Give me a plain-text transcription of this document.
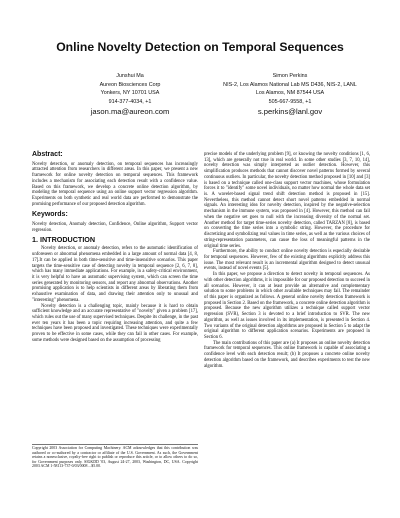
Online Novelty Detection on Temporal Sequences
Junshui Ma
Aureon Biosciences Corp
Yonkers, NY 10701 USA
914-377-4034, +1
jason.ma@aureon.com
Simon Perkins
NIS-2, Los Alamos National Lab MS D436, NIS-2, LANL
Los Alamos, NM 87544 USA
505-667-9558, +1
s.perkins@lanl.gov
Abstract:

Novelty detection, or anomaly detection, on temporal sequences has increasingly attracted attention from researchers in different areas. In this paper, we present a new framework for online novelty detection on temporal sequences. This framework includes a mechanism for associating each detection result with a confidence value. Based on this framework, we develop a concrete online detection algorithm, by modeling the temporal sequence using an online support vector regression algorithm. Experiments on both synthetic and real world data are performed to demonstrate the promising performance of our proposed detection algorithm.

Keywords:

Novelty detection, Anomaly detection, Confidence, Online algorithm, Support vector regression.

1. INTRODUCTION

Novelty detection, or anomaly detection, refers to the automatic identification of unforeseen or abnormal phenomena embedded in a large amount of normal data [4, 8, 17].It can be applied in both time-sensitive and time-insensitive scenarios. This paper targets the time-sensitive case of detecting novelty in temporal sequence [2, 6, 7, 8], which has many immediate applications. For example, in a safety-critical environment, it is very helpful to have an automatic supervising system, which can screen the time series generated by monitoring sensors, and report any abnormal observations. Another promising application is to help scientists in different areas by liberating them from exhaustive examination of data, and drawing their attention only to unusual and "interesting" phenomena.

Novelty detection is a challenging topic, mainly because it is hard to obtain sufficient knowledge and an accurate representative of "novelty" given a problem [17], which rules out the use of many supervised techniques. Despite its challenge, in the past ever ten years it has been a topic requiring increasing attention, and quite a few techniques have been proposed and investigated. These techniques were experimentally proven to be effective in some cases, while they can fail in other cases. For example, some methods were designed based on the assumption of processing

Copyright 2003 Association for Computing Machinery. ACM acknowledges that this contribution was authored or co-authored by a contractor or affiliate of the U.S. Government. As such, the Government retains a nonexclusive, royalty-free right to publish or reproduce this article, or to allow others to do so, for Government purposes only. SIGKDD '03, August 24-27, 2003, Washington, DC, USA. Copyright 2003 ACM 1-58113-737-0/03/0008 ...$5.00.

precise models of the underlying problem [9], or knowing the novelty conditions [1, 6, 13], which are generally not true in real world. In some other studies [3, 7, 10, 14], novelty detection was simply interpreted as outlier detection. However, this simplification produces methods that cannot discover novel patterns formed by several continuous outliers. In particular, the novelty detection method proposed in [10] and [3] is based on a technique called one-class support vector machines, whose formulation forces it to "identify" some novel individuals, no matter how normal the whole data set is. A wavelet-based signal trend shift detection method is proposed in [15]. Nevertheless, this method cannot detect short novel patterns embedded in normal signals. An interesting idea for novelty detection, inspired by the negative-selection mechanism in the immune system, was proposed in [4]. However, this method can fail when the negative set goes to null with the increasing diversity of the normal set. Another method for target time-series novelty detection, called TARZAN [8], is based on converting the time series into a symbolic string. However, the procedure for discretizing and symbolizing real values in time series, as well as the various choices of string-representation parameters, can cause the loss of meaningful patterns in the original time series.

Furthermore, the ability to conduct online novelty detection is especially desirable for temporal sequences. However, few of the existing algorithms explicitly address this issue. The most relevant result is an incremental algorithm designed to detect unusual events, instead of novel events [5].

In this paper, we propose a direction to detect novelty in temporal sequences. As with other detection algorithms, it is impossible for our proposed detection to succeed in all scenarios. However, it can at least provide an alternative and complementary solution to some problems in which other available techniques may fail. The remainder of this paper is organized as follows. A general online novelty detection framework is proposed in Section 2. Based on the framework, a concrete online detection algorithm is proposed. Because the new algorithm utilizes a technique called support vector regression (SVR), Section 3 is devoted to a brief introduction to SVR. The new algorithm, as well as issues involved in its implementation, is presented in Section 4. Two variants of the original detection algorithms are proposed in Section 5 to adapt the original algorithm to different application scenarios. Experiments are proposed in Section 6.

The main contributions of this paper are (a) It proposes an online novelty detection framework for temporal sequences. This online framework is capable of associating a confidence level with each detection result; (b) It proposes a concrete online novelty detection algorithm based on the framework, and describes experiments to test the new algorithm.
